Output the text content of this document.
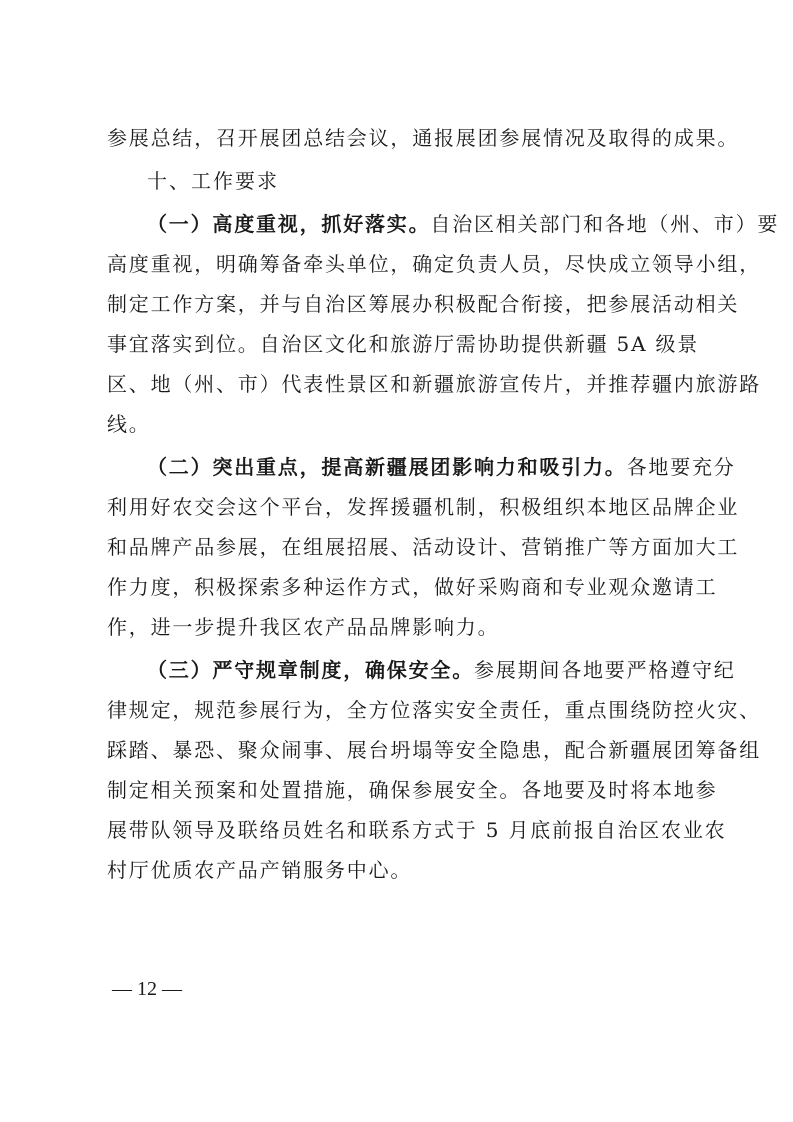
参展总结，召开展团总结会议，通报展团参展情况及取得的成果。
十、工作要求
（一）高度重视，抓好落实。自治区相关部门和各地（州、市）要
高度重视，明确筹备牵头单位，确定负责人员，尽快成立领导小组，
制定工作方案，并与自治区筹展办积极配合衔接，把参展活动相关
事宜落实到位。自治区文化和旅游厅需协助提供新疆 5A 级景
区、地（州、市）代表性景区和新疆旅游宣传片，并推荐疆内旅游路
线。
（二）突出重点，提高新疆展团影响力和吸引力。各地要充分
利用好农交会这个平台，发挥援疆机制，积极组织本地区品牌企业
和品牌产品参展，在组展招展、活动设计、营销推广等方面加大工
作力度，积极探索多种运作方式，做好采购商和专业观众邀请工
作，进一步提升我区农产品品牌影响力。
（三）严守规章制度，确保安全。参展期间各地要严格遵守纪
律规定，规范参展行为，全方位落实安全责任，重点围绕防控火灾、
踩踏、暴恐、聚众闹事、展台坍塌等安全隐患，配合新疆展团筹备组
制定相关预案和处置措施，确保参展安全。各地要及时将本地参
展带队领导及联络员姓名和联系方式于 5 月底前报自治区农业农
村厅优质农产品产销服务中心。
— 12 —
